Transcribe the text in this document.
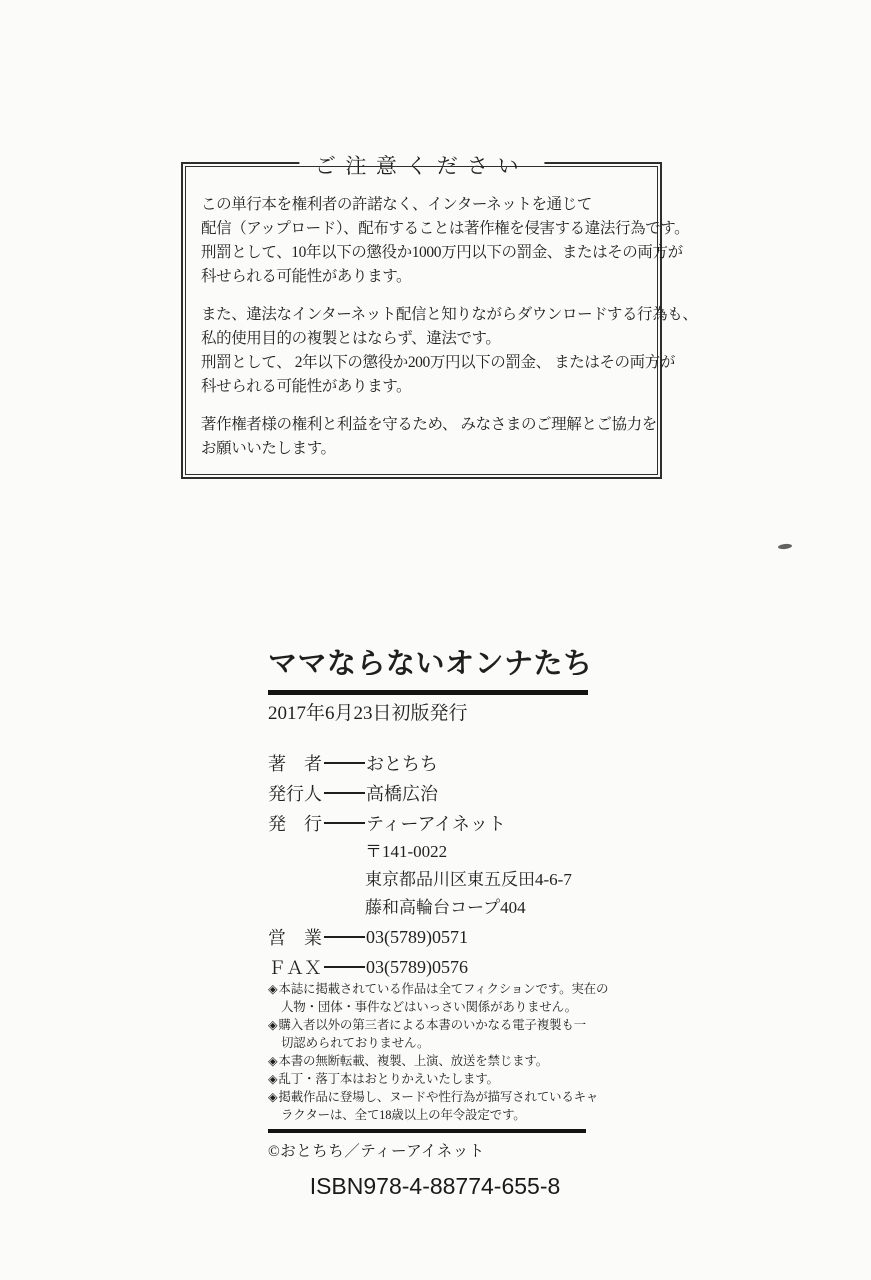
ご注意ください
この単行本を権利者の許諾なく、インターネットを通じて
配信（アップロード）、配布することは著作権を侵害する違法行為です。
刑罰として、10年以下の懲役か1000万円以下の罰金、またはその両方が
科せられる可能性があります。
また、違法なインターネット配信と知りながらダウンロードする行為も、
私的使用目的の複製とはならず、違法です。
刑罰として、 2年以下の懲役か200万円以下の罰金、 またはその両方が
科せられる可能性があります。
著作権者様の権利と利益を守るため、 みなさまのご理解とご協力を
お願いいたします。
ママならないオンナたち
2017年6月23日初版発行
著　者 おとちち
発行人 高橋広治
発　行 ティーアイネット
〒141-0022
東京都品川区東五反田4-6-7
藤和高輪台コープ404
営　業 03(5789)0571
ＦＡＸ 03(5789)0576
◈本誌に掲載されている作品は全てフィクションです。実在の
人物・団体・事件などはいっさい関係がありません。
◈購入者以外の第三者による本書のいかなる電子複製も一
切認められておりません。
◈本書の無断転載、複製、上演、放送を禁じます。
◈乱丁・落丁本はおとりかえいたします。
◈掲載作品に登場し、ヌードや性行為が描写されているキャ
ラクターは、全て18歳以上の年令設定です。
©おとちち／ティーアイネット
ISBN978-4-88774-655-8
